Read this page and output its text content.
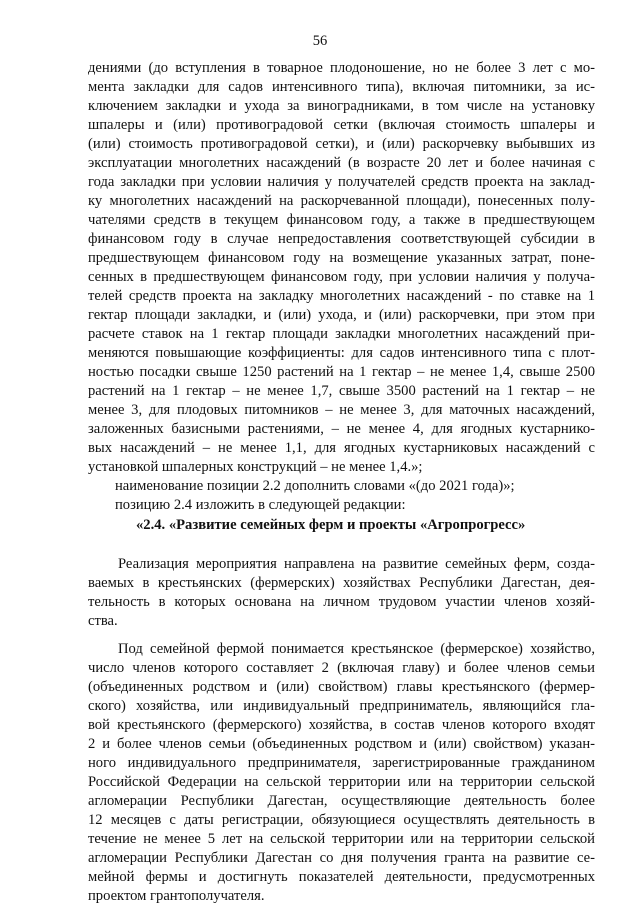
56
дениями (до вступления в товарное плодоношение, но не более 3 лет с мо-
мента закладки для садов интенсивного типа), включая питомники, за ис-
ключением закладки и ухода за виноградниками, в том числе на установку
шпалеры и (или) противоградовой сетки (включая стоимость шпалеры и
(или) стоимость противоградовой сетки), и (или) раскорчевку выбывших из
эксплуатации многолетних насаждений (в возрасте 20 лет и более начиная с
года закладки при условии наличия у получателей средств проекта на заклад-
ку многолетних насаждений на раскорчеванной площади), понесенных полу-
чателями средств в текущем финансовом году, а также в предшествующем
финансовом году в случае непредоставления соответствующей субсидии в
предшествующем финансовом году на возмещение указанных затрат, поне-
сенных в предшествующем финансовом году, при условии наличия у получа-
телей средств проекта на закладку многолетних насаждений - по ставке на 1
гектар площади закладки, и (или) ухода, и (или) раскорчевки, при этом при
расчете ставок на 1 гектар площади закладки многолетних насаждений при-
меняются повышающие коэффициенты: для садов интенсивного типа с плот-
ностью посадки свыше 1250 растений на 1 гектар – не менее 1,4, свыше 2500
растений на 1 гектар – не менее 1,7, свыше 3500 растений на 1 гектар – не
менее 3, для плодовых питомников – не менее 3, для маточных насаждений,
заложенных базисными растениями, – не менее 4, для ягодных кустарнико-
вых насаждений – не менее 1,1, для ягодных кустарниковых насаждений с
установкой шпалерных конструкций – не менее 1,4.»;
наименование позиции 2.2 дополнить словами «(до 2021 года)»;
позицию 2.4 изложить в следующей редакции:
«2.4. «Развитие семейных ферм и проекты «Агропрогресс»
Реализация мероприятия направлена на развитие семейных ферм, созда-
ваемых в крестьянских (фермерских) хозяйствах Республики Дагестан, дея-
тельность в которых основана на личном трудовом участии членов хозяй-
ства.
Под семейной фермой понимается крестьянское (фермерское) хозяйство,
число членов которого составляет 2 (включая главу) и более членов семьи
(объединенных родством и (или) свойством) главы крестьянского (фермер-
ского) хозяйства, или индивидуальный предприниматель, являющийся гла-
вой крестьянского (фермерского) хозяйства, в состав членов которого входят
2 и более членов семьи (объединенных родством и (или) свойством) указан-
ного индивидуального предпринимателя, зарегистрированные гражданином
Российской Федерации на сельской территории или на территории сельской
агломерации Республики Дагестан, осуществляющие деятельность более
12 месяцев с даты регистрации, обязующиеся осуществлять деятельность в
течение не менее 5 лет на сельской территории или на территории сельской
агломерации Республики Дагестан со дня получения гранта на развитие се-
мейной фермы и достигнуть показателей деятельности, предусмотренных
проектом грантополучателя.
